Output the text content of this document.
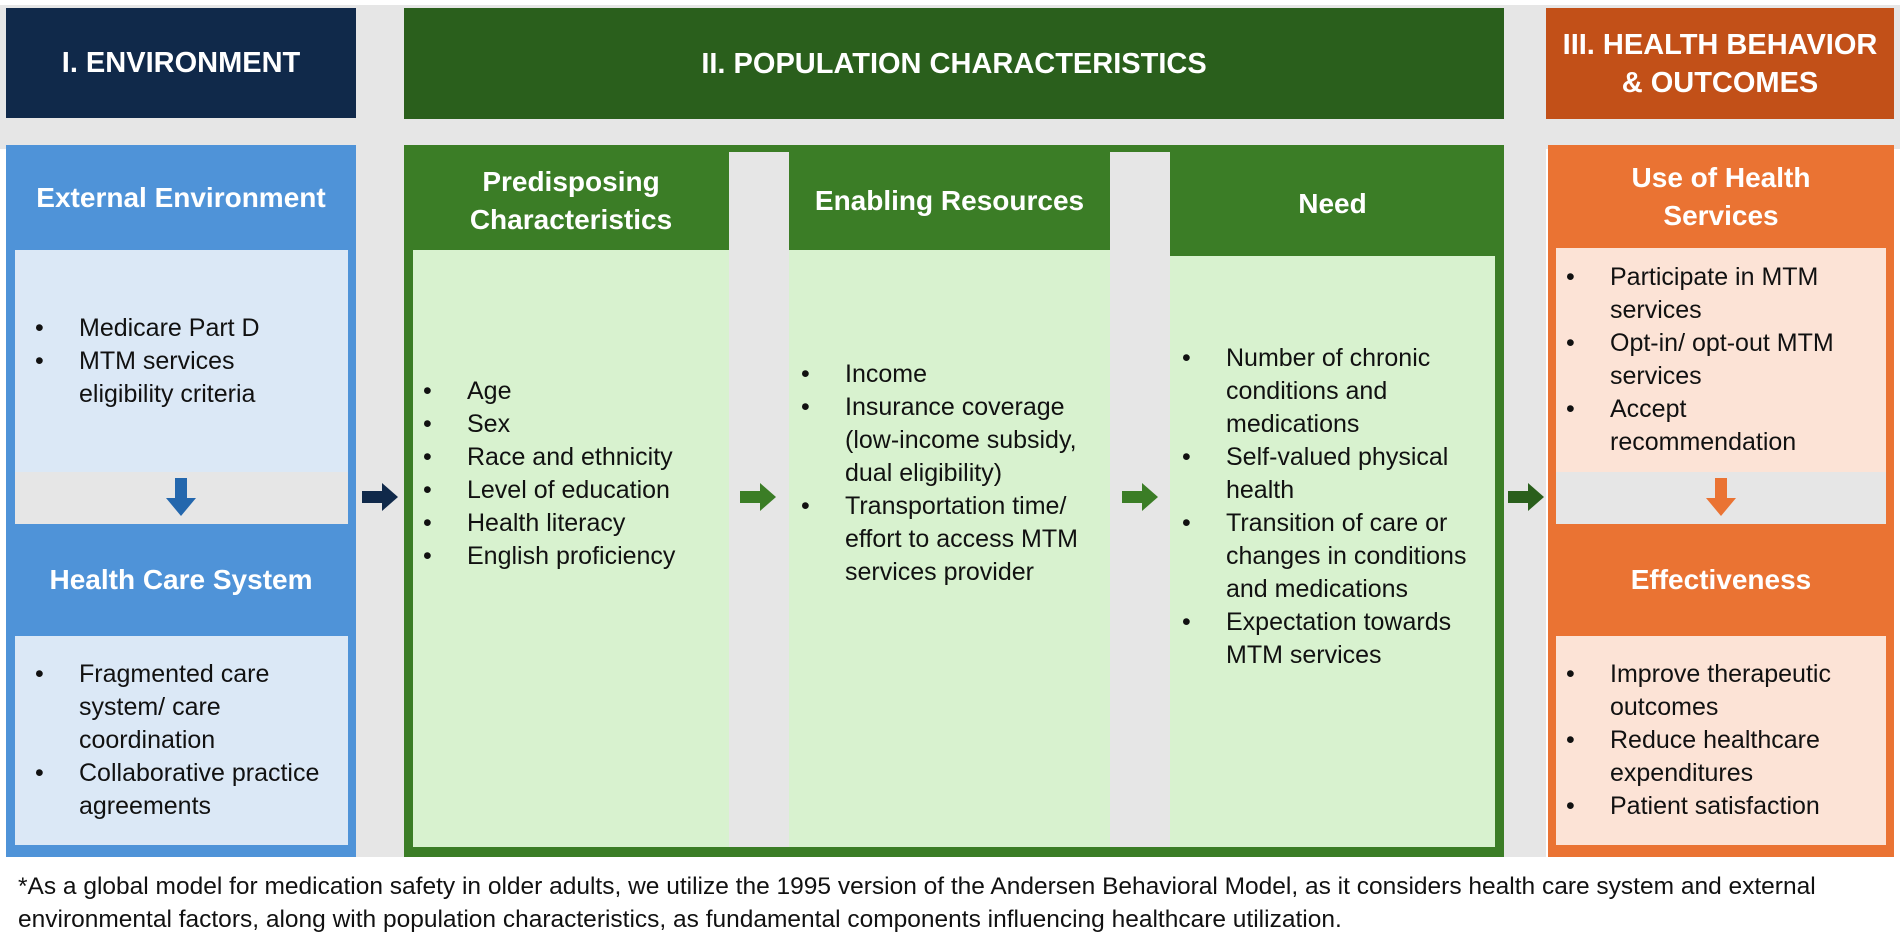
I. ENVIRONMENT	II. POPULATION CHARACTERISTICS
III. HEALTH BEHAVIOR & OUTCOMES
External Environment
• Medicare Part D
• MTM services eligibility criteria
Health Care System
• Fragmented care system/ care coordination
• Collaborative practice agreements
Predisposing Characteristics
• Age
• Sex
• Race and ethnicity
• Level of education
• Health literacy
• English proficiency
Enabling Resources
• Income
• Insurance coverage (low-income subsidy, dual eligibility)
• Transportation time/ effort to access MTM services provider
Need
• Number of chronic conditions and medications
• Self-valued physical health
• Transition of care or changes in conditions and medications
• Expectation towards MTM services
Use of Health Services
• Participate in MTM services
• Opt-in/ opt-out MTM services
• Accept recommendation
Effectiveness
• Improve therapeutic outcomes
• Reduce healthcare expenditures
• Patient satisfaction
*As a global model for medication safety in older adults, we utilize the 1995 version of the Andersen Behavioral Model, as it considers health care system and external environmental factors, along with population characteristics, as fundamental components influencing healthcare utilization.
